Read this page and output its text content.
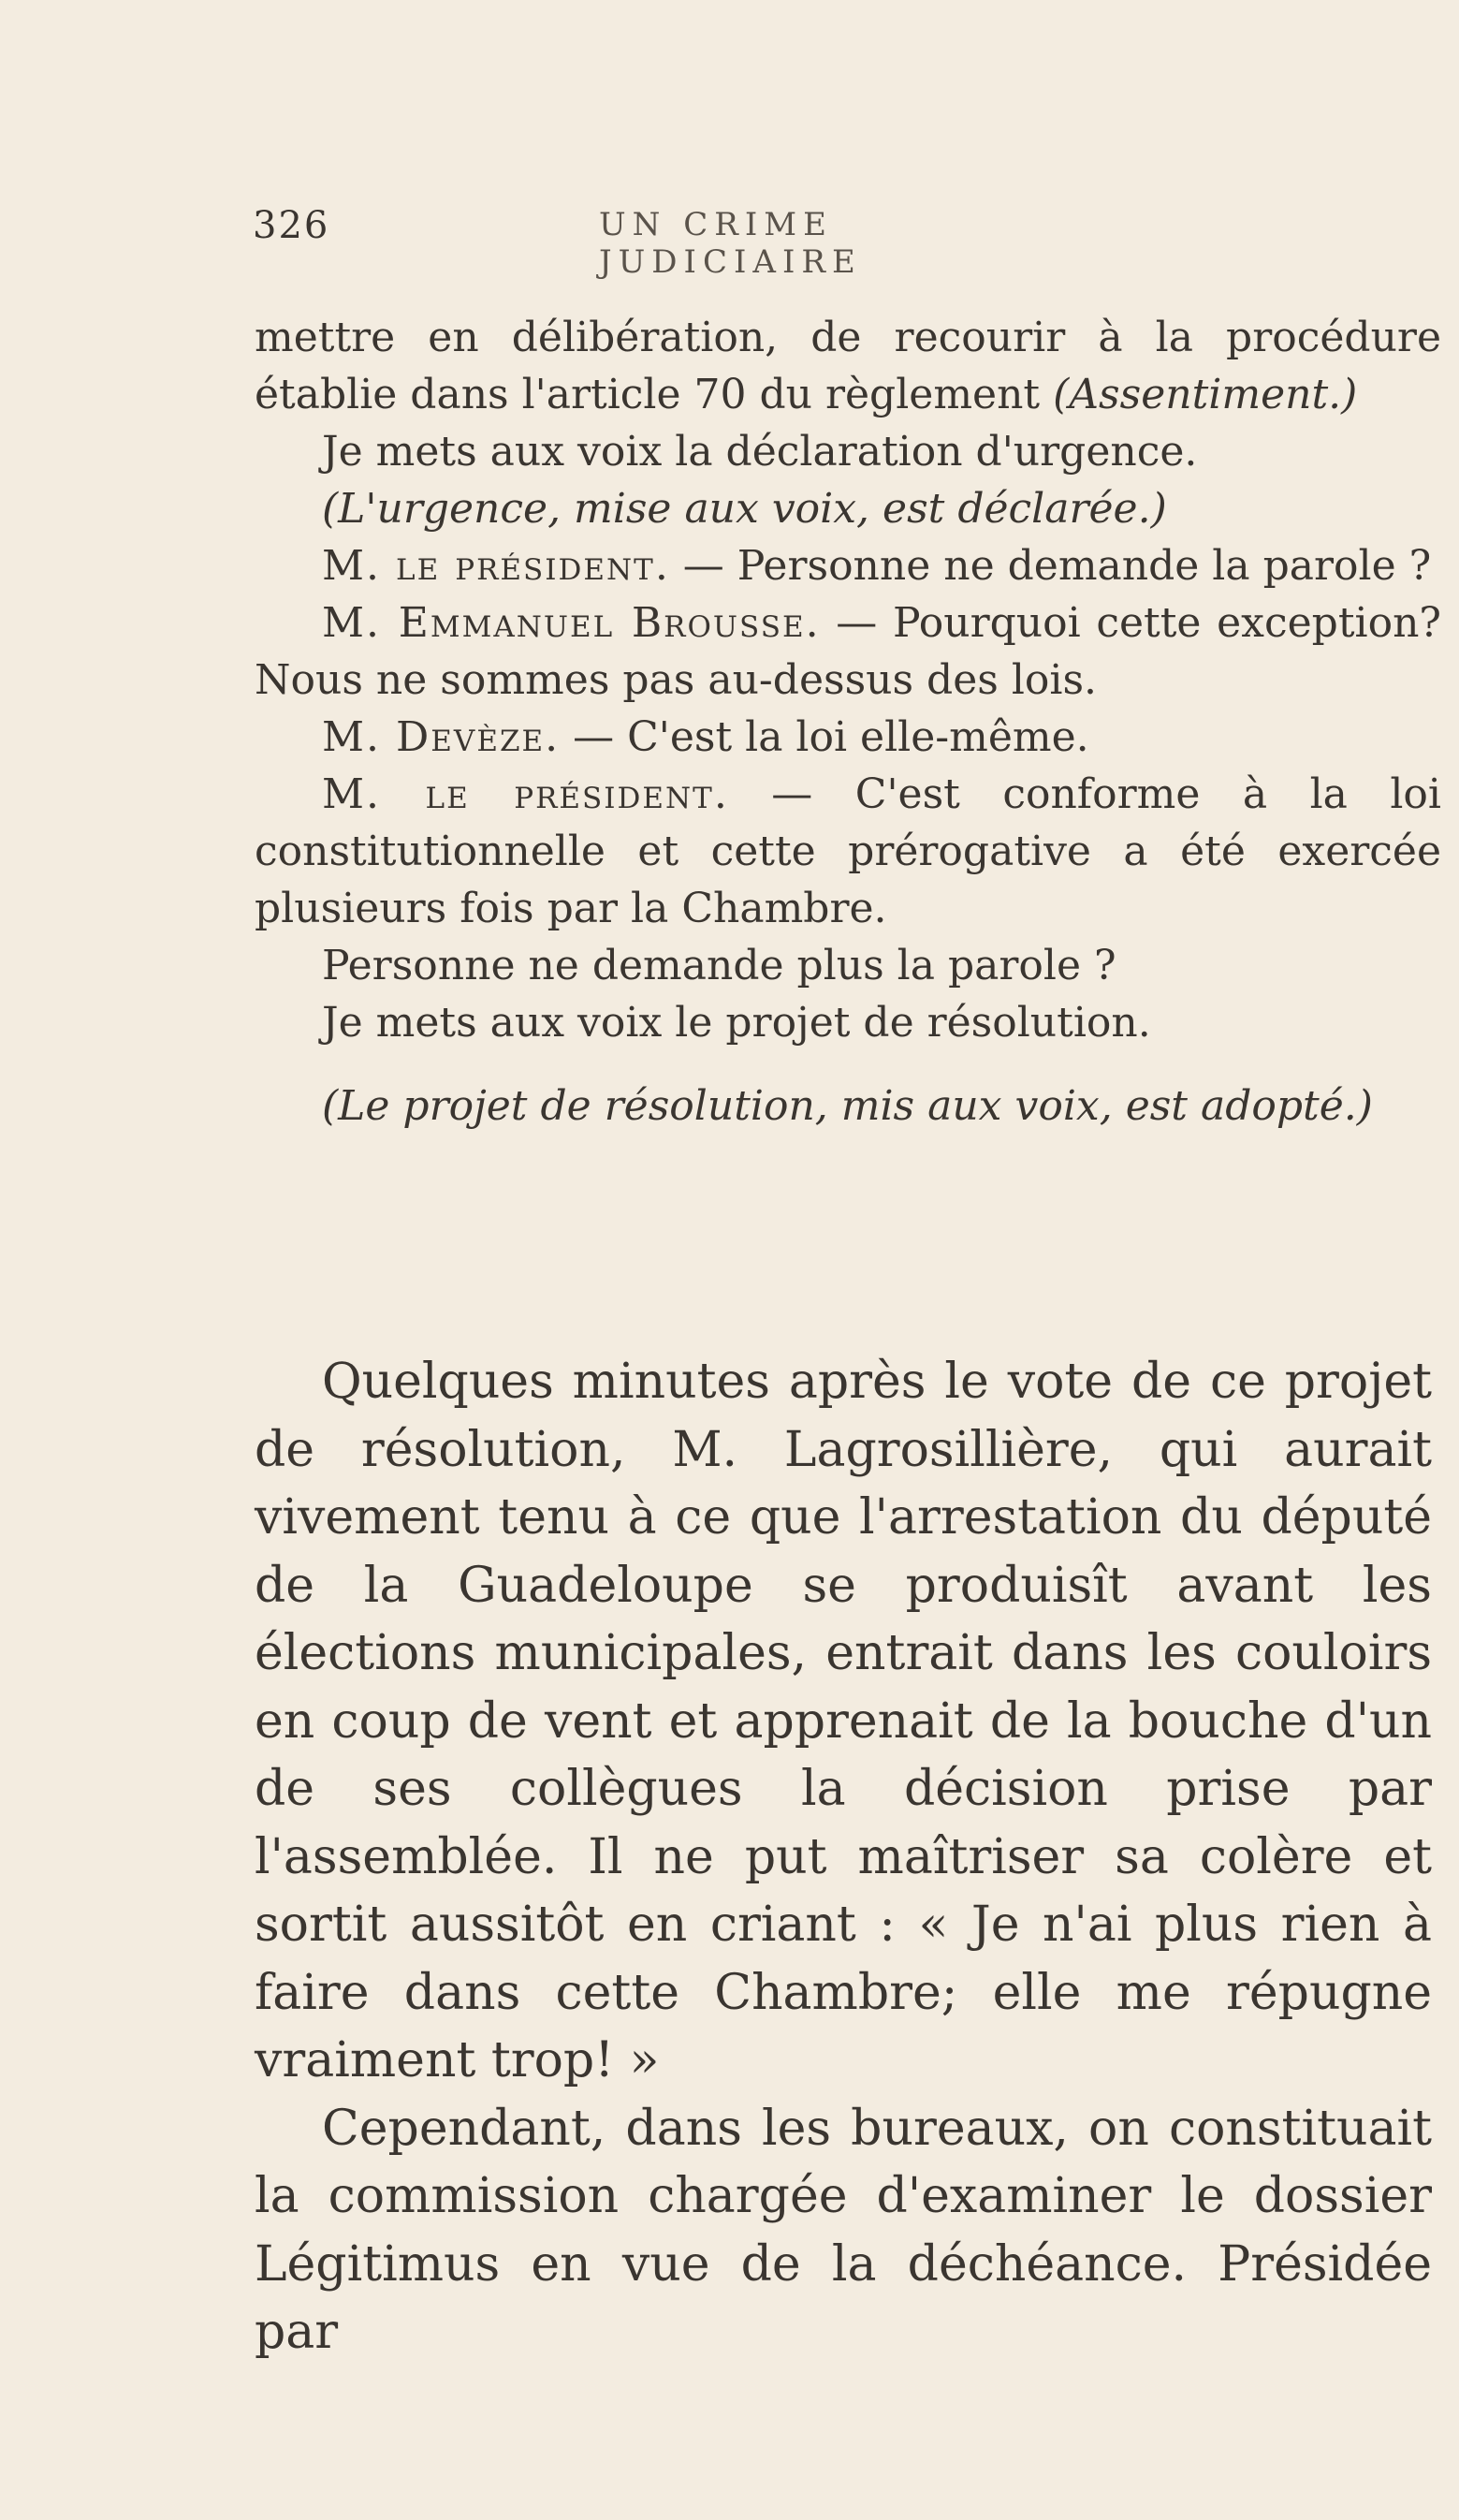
326	UN CRIME JUDICIAIRE

mettre en délibération, de recourir à la procédure établie dans l'article 70 du règlement (Assentiment.)

Je mets aux voix la déclaration d'urgence.

(L'urgence, mise aux voix, est déclarée.)

M. le président. — Personne ne demande la parole ?

M. Emmanuel Brousse. — Pourquoi cette exception? Nous ne sommes pas au-dessus des lois.

M. Devèze. — C'est la loi elle-même.

M. le président. — C'est conforme à la loi constitutionnelle et cette prérogative a été exercée plusieurs fois par la Chambre.

Personne ne demande plus la parole ?

Je mets aux voix le projet de résolution.

(Le projet de résolution, mis aux voix, est adopté.)

Quelques minutes après le vote de ce projet de résolution, M. Lagrosillière, qui aurait vivement tenu à ce que l'arrestation du député de la Guadeloupe se produisît avant les élections municipales, entrait dans les couloirs en coup de vent et apprenait de la bouche d'un de ses collègues la décision prise par l'assemblée. Il ne put maîtriser sa colère et sortit aussitôt en criant : « Je n'ai plus rien à faire dans cette Chambre; elle me répugne vraiment trop! »

Cependant, dans les bureaux, on constituait la commission chargée d'examiner le dossier Légitimus en vue de la déchéance. Présidée par
